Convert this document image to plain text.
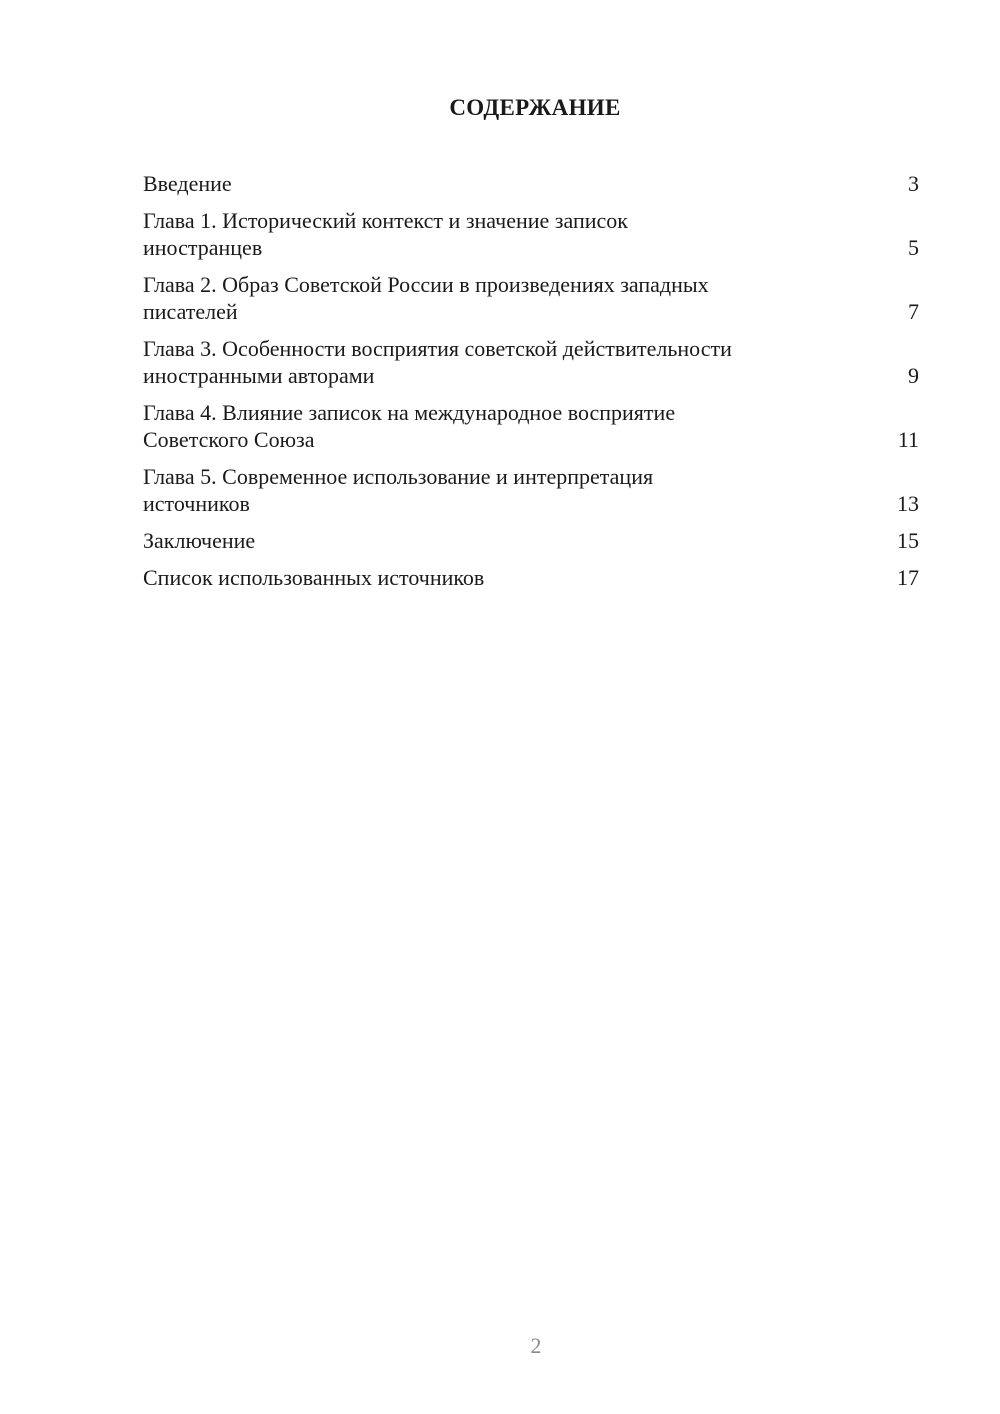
СОДЕРЖАНИЕ
Введение	3
Глава 1. Исторический контекст и значение записок
иностранцев	5
Глава 2. Образ Советской России в произведениях западных
писателей	7
Глава 3. Особенности восприятия советской действительности
иностранными авторами	9
Глава 4. Влияние записок на международное восприятие
Советского Союза	11
Глава 5. Современное использование и интерпретация
источников	13
Заключение	15
Список использованных источников	17
2
